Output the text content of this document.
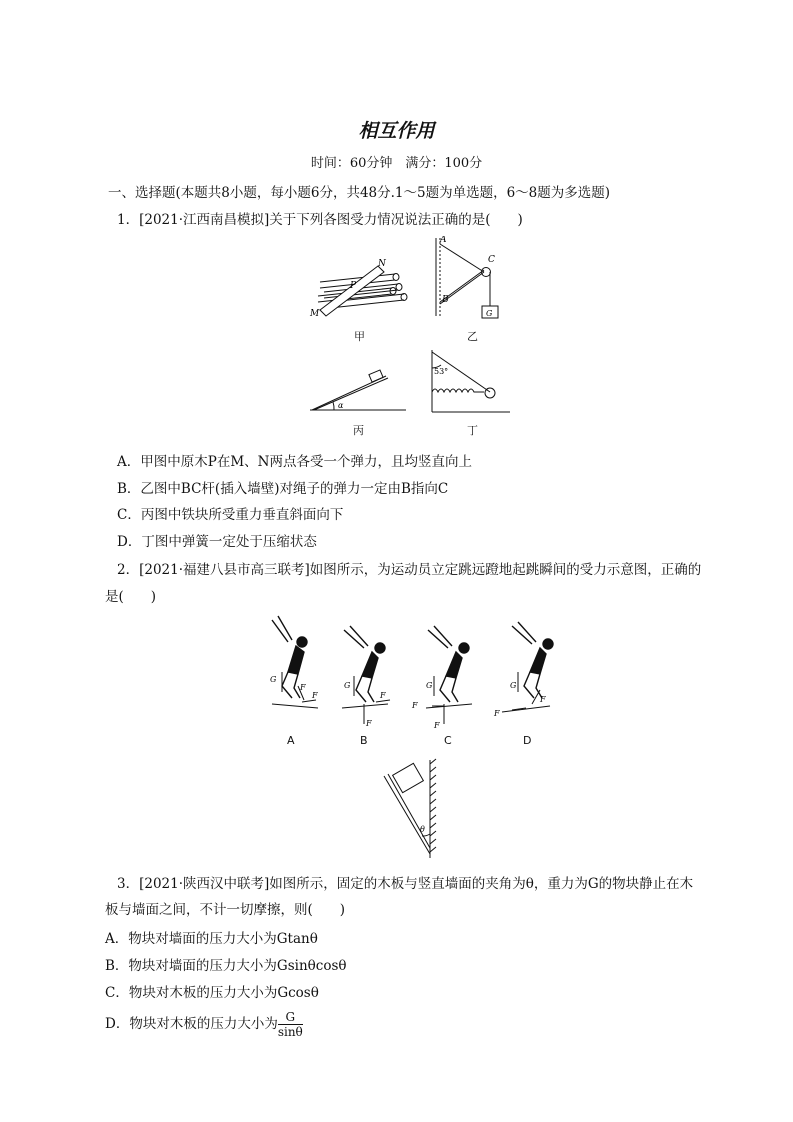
相互作用
时间：60分钟　满分：100分
一、选择题(本题共8小题，每小题6分，共48分.1～5题为单选题，6～8题为多选题)
1．[2021·江西南昌模拟]关于下列各图受力情况说法正确的是(　　)
M
N
P
甲
A
C
B
G
乙
α
丙
53°
丁
A．甲图中原木P在M、N两点各受一个弹力，且均竖直向上
B．乙图中BC杆(插入墙壁)对绳子的弹力一定由B指向C
C．丙图中铁块所受重力垂直斜面向下
D．丁图中弹簧一定处于压缩状态
2．[2021·福建八县市高三联考]如图所示，为运动员立定跳远蹬地起跳瞬间的受力示意图，正确的
是(　　)
G
F
F
G
F
F
G
F
F
G
F
F
A	B	C	D
θ
3．[2021·陕西汉中联考]如图所示，固定的木板与竖直墙面的夹角为θ，重力为G的物块静止在木
板与墙面之间，不计一切摩擦，则(　　)
A．物块对墙面的压力大小为Gtanθ
B．物块对墙面的压力大小为Gsinθcosθ
C．物块对木板的压力大小为Gcosθ
D．物块对木板的压力大小为 $\frac{G}{\sin\theta}$
